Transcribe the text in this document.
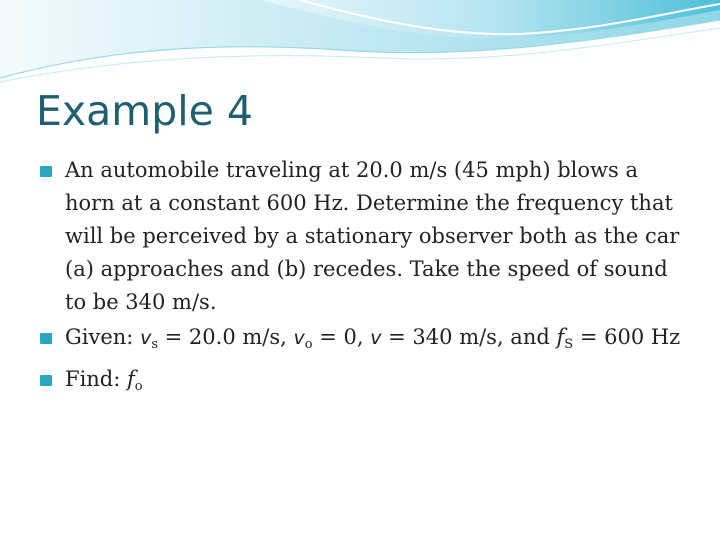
Example 4

An automobile traveling at 20.0 m/s (45 mph) blows a horn at a constant 600 Hz. Determine the frequency that will be perceived by a stationary observer both as the car (a) approaches and (b) recedes. Take the speed of sound to be 340 m/s.

Given: $v_s = 20.0$ m/s, $v_o = 0$, v = 340 m/s, and $f_S = 600$ Hz

Find: $f_o$
